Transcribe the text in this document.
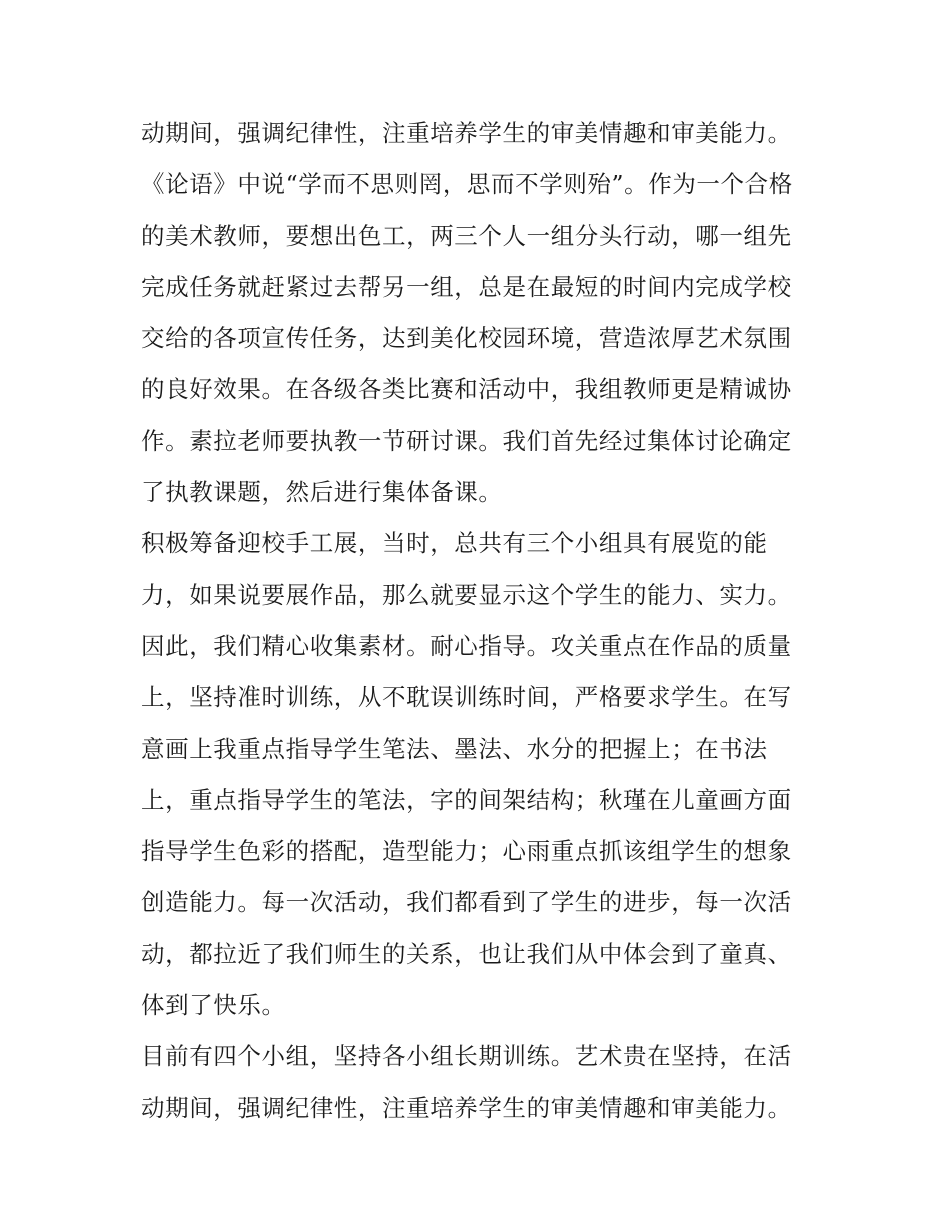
动期间，强调纪律性，注重培养学生的审美情趣和审美能力。
《论语》中说“学而不思则罔，思而不学则殆”。作为一个合格
的美术教师，要想出色工，两三个人一组分头行动，哪一组先
完成任务就赶紧过去帮另一组，总是在最短的时间内完成学校
交给的各项宣传任务，达到美化校园环境，营造浓厚艺术氛围
的良好效果。在各级各类比赛和活动中，我组教师更是精诚协
作。素拉老师要执教一节研讨课。我们首先经过集体讨论确定
了执教课题，然后进行集体备课。
积极筹备迎校手工展，当时，总共有三个小组具有展览的能
力，如果说要展作品，那么就要显示这个学生的能力、实力。
因此，我们精心收集素材。耐心指导。攻关重点在作品的质量
上，坚持准时训练，从不耽误训练时间，严格要求学生。在写
意画上我重点指导学生笔法、墨法、水分的把握上；在书法
上，重点指导学生的笔法，字的间架结构；秋瑾在儿童画方面
指导学生色彩的搭配，造型能力；心雨重点抓该组学生的想象
创造能力。每一次活动，我们都看到了学生的进步，每一次活
动，都拉近了我们师生的关系，也让我们从中体会到了童真、
体到了快乐。
目前有四个小组，坚持各小组长期训练。艺术贵在坚持，在活
动期间，强调纪律性，注重培养学生的审美情趣和审美能力。
